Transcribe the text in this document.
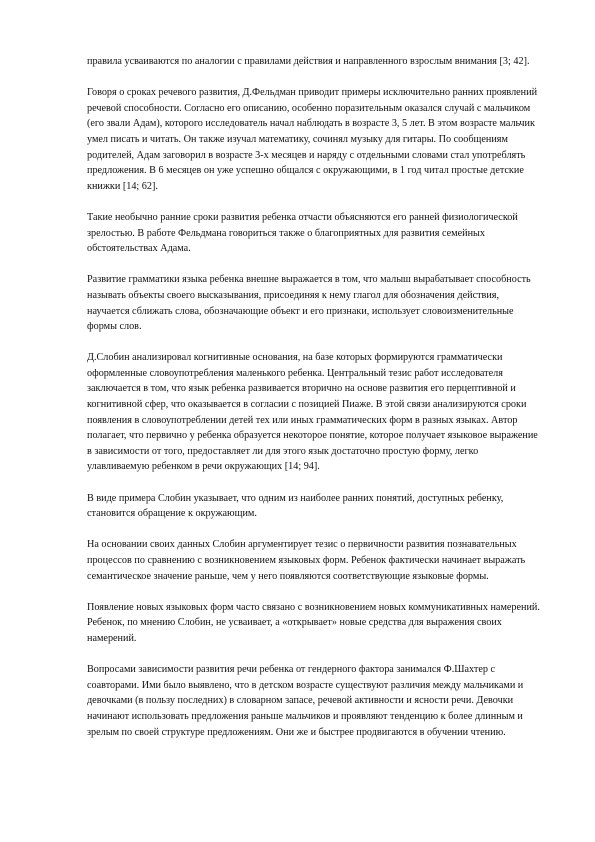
правила усваиваются по аналогии с правилами действия и направленного взрослым внимания [3; 42].

Говоря о сроках речевого развития, Д.Фельдман приводит примеры исключительно ранних проявлений речевой способности. Согласно его описанию, особенно поразительным оказался случай с мальчиком (его звали Адам), которого исследователь начал наблюдать в возрасте 3, 5 лет. В этом возрасте мальчик умел писать и читать. Он также изучал математику, сочинял музыку для гитары. По сообщениям родителей, Адам заговорил в возрасте 3-х месяцев и наряду с отдельными словами стал употреблять предложения. В 6 месяцев он уже успешно общался с окружающими, в 1 год читал простые детские книжки [14; 62].

Такие необычно ранние сроки развития ребенка отчасти объясняются его ранней физиологической зрелостью. В работе Фельдмана говориться также о благоприятных для развития семейных обстоятельствах Адама.

Развитие грамматики языка ребенка внешне выражается в том, что малыш вырабатывает способность называть объекты своего высказывания, присоединяя к нему глагол для обозначения действия, научается сближать слова, обозначающие объект и его признаки, использует словоизменительные формы слов.

Д.Слобин анализировал когнитивные основания, на базе которых формируются грамматически оформленные словоупотребления маленького ребенка. Центральный тезис работ исследователя заключается в том, что язык ребенка развивается вторично на основе развития его перцептивной и когнитивной сфер, что оказывается в согласии с позицией Пиаже. В этой связи анализируются сроки появления в словоупотреблении детей тех или иных грамматических форм в разных языках. Автор полагает, что первично у ребенка образуется некоторое понятие, которое получает языковое выражение в зависимости от того, предоставляет ли для этого язык достаточно простую форму, легко улавливаемую ребенком в речи окружающих [14; 94].

В виде примера Слобин указывает, что одним из наиболее ранних понятий, доступных ребенку, становится обращение к окружающим.

На основании своих данных Слобин аргументирует тезис о первичности развития познавательных процессов по сравнению с возникновением языковых форм. Ребенок фактически начинает выражать семантическое значение раньше, чем у него появляются соответствующие языковые формы.

Появление новых языковых форм часто связано с возникновением новых коммуникативных намерений. Ребенок, по мнению Слобин, не усваивает, а «открывает» новые средства для выражения своих намерений.

Вопросами зависимости развития речи ребенка от гендерного фактора занимался Ф.Шахтер с соавторами. Ими было выявлено, что в детском возрасте существуют различия между мальчиками и девочками (в пользу последних) в словарном запасе, речевой активности и ясности речи. Девочки начинают использовать предложения раньше мальчиков и проявляют тенденцию к более длинным и зрелым по своей структуре предложениям. Они же и быстрее продвигаются в обучении чтению.
